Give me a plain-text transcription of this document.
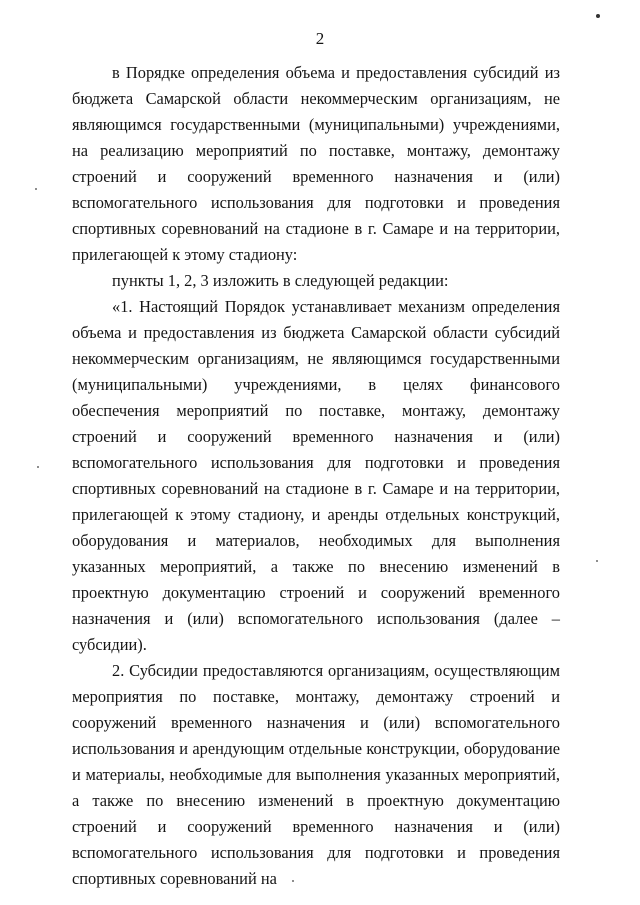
2

в Порядке определения объема и предоставления субсидий из бюджета Самарской области некоммерческим организациям, не являющимся государственными (муниципальными) учреждениями, на реализацию мероприятий по поставке, монтажу, демонтажу строений и сооружений временного назначения и (или) вспомогательного использования для подготовки и проведения спортивных соревнований на стадионе в г. Самаре и на территории, прилегающей к этому стадиону:

пункты 1, 2, 3 изложить в следующей редакции:

«1. Настоящий Порядок устанавливает механизм определения объема и предоставления из бюджета Самарской области субсидий некоммерческим организациям, не являющимся государственными (муниципальными) учреждениями, в целях финансового обеспечения мероприятий по поставке, монтажу, демонтажу строений и сооружений временного назначения и (или) вспомогательного использования для подготовки и проведения спортивных соревнований на стадионе в г. Самаре и на территории, прилегающей к этому стадиону, и аренды отдельных конструкций, оборудования и материалов, необходимых для выполнения указанных мероприятий, а также по внесению изменений в проектную документацию строений и сооружений временного назначения и (или) вспомогательного использования (далее – субсидии).

2. Субсидии предоставляются организациям, осуществляющим мероприятия по поставке, монтажу, демонтажу строений и сооружений временного назначения и (или) вспомогательного использования и арендующим отдельные конструкции, оборудование и материалы, необходимые для выполнения указанных мероприятий, а также по внесению изменений в проектную документацию строений и сооружений временного назначения и (или) вспомогательного использования для подготовки и проведения спортивных соревнований на
